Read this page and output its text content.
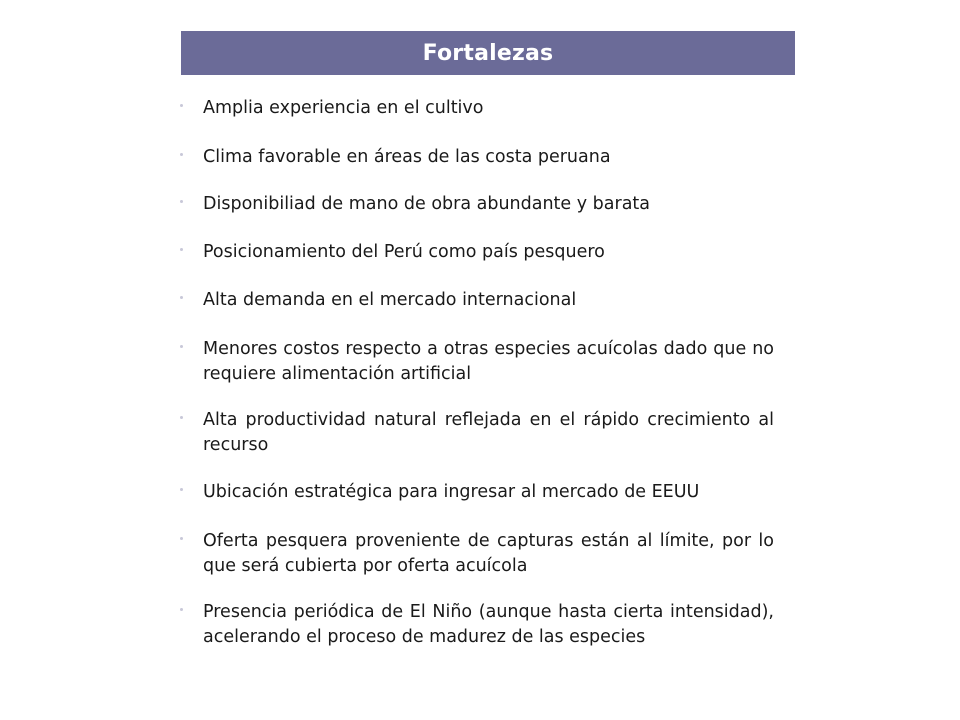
Fortalezas
Amplia experiencia en el cultivo
Clima favorable en áreas de las costa peruana
Disponibiliad de mano de obra abundante y barata
Posicionamiento del Perú como país pesquero
Alta demanda en el mercado internacional
Menores costos respecto a otras especies acuícolas dado que no requiere alimentación artificial
Alta productividad natural reflejada en el rápido crecimiento al recurso
Ubicación estratégica para ingresar al mercado de EEUU
Oferta pesquera proveniente de capturas están al límite, por lo que será cubierta por oferta acuícola
Presencia periódica de El Niño (aunque hasta cierta intensidad), acelerando el proceso de madurez de las especies
